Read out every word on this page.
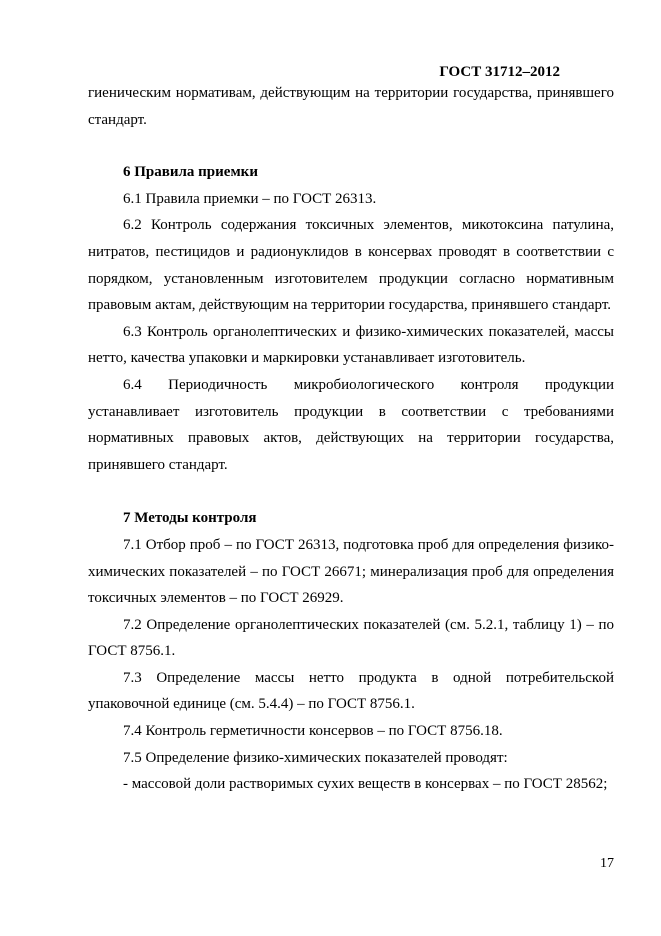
ГОСТ 31712–2012

гиеническим нормативам, действующим на территории государства, принявшего стандарт.

6 Правила приемки

6.1 Правила приемки – по ГОСТ 26313.

6.2 Контроль содержания токсичных элементов, микотоксина патулина, нитратов, пестицидов и радионуклидов в консервах проводят в соответствии с порядком, установленным изготовителем продукции согласно нормативным правовым актам, действующим на территории государства, принявшего стандарт.

6.3 Контроль органолептических и физико-химических показателей, массы нетто, качества упаковки и маркировки устанавливает изготовитель.

6.4 Периодичность микробиологического контроля продукции устанавливает изготовитель продукции в соответствии с требованиями нормативных правовых актов, действующих на территории государства, принявшего стандарт.

7 Методы контроля

7.1 Отбор проб – по ГОСТ 26313, подготовка проб для определения физико-химических показателей – по ГОСТ 26671; минерализация проб для определения токсичных элементов – по ГОСТ 26929.

7.2 Определение органолептических показателей (см. 5.2.1, таблицу 1) – по ГОСТ 8756.1.

7.3 Определение массы нетто продукта в одной потребительской упаковочной единице (см. 5.4.4) – по ГОСТ 8756.1.

7.4 Контроль герметичности консервов – по ГОСТ 8756.18.

7.5 Определение физико-химических показателей проводят:

- массовой доли растворимых сухих веществ в консервах – по ГОСТ 28562;

17
